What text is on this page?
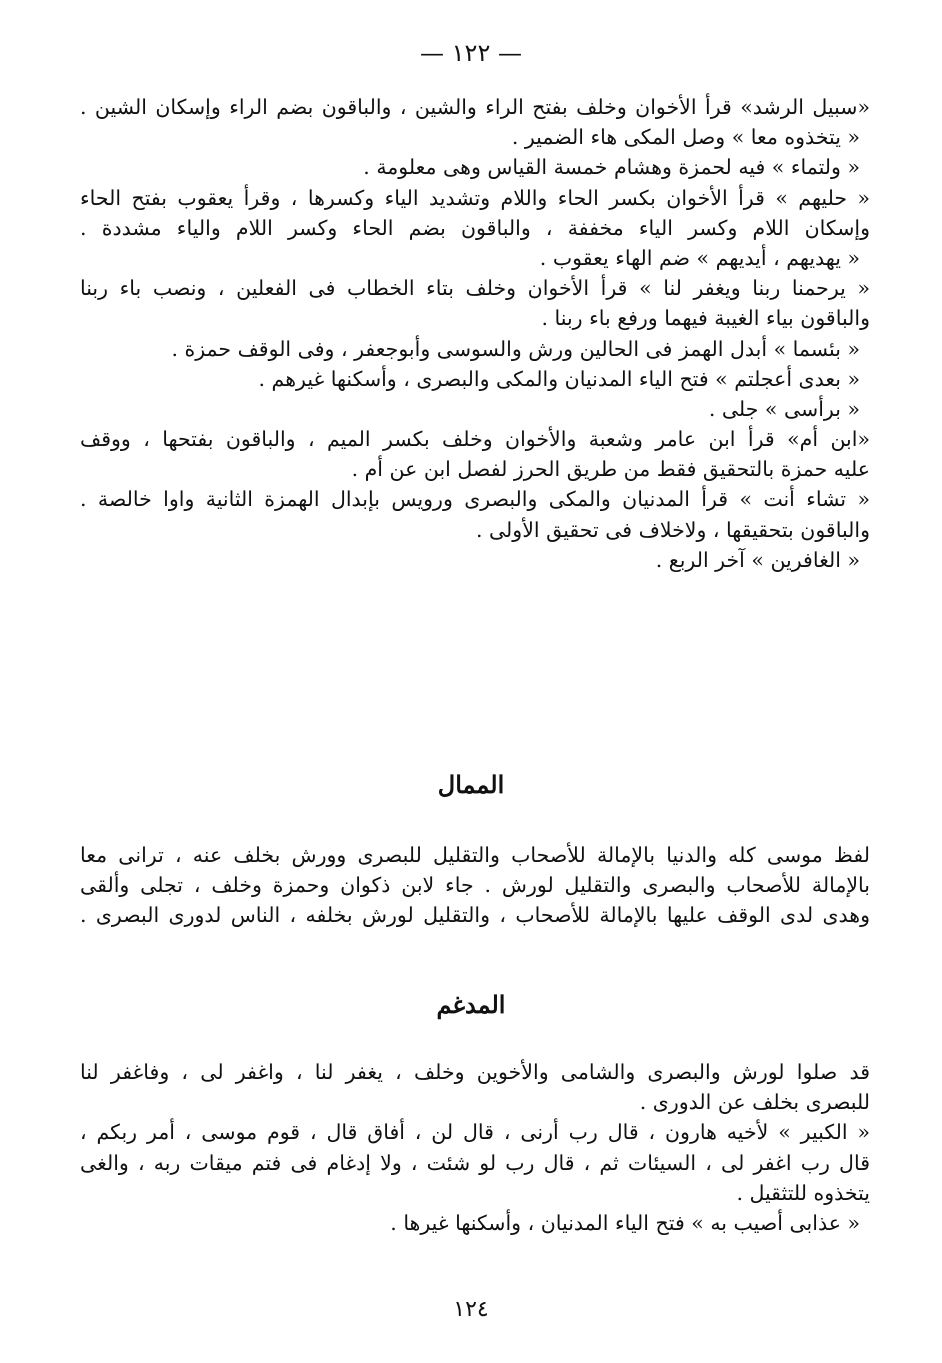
— ١٢٢ —
«سبيل الرشد» قرأ الأخوان وخلف بفتح الراء والشين ، والباقون بضم الراء وإسكان الشين .
« يتخذوه معا » وصل المكى هاء الضمير .
« ولتماء » فيه لحمزة وهشام خمسة القياس وهى معلومة .
« حليهم » قرأ الأخوان بكسر الحاء واللام وتشديد الياء وكسرها ، وقرأ يعقوب بفتح الحاء
وإسكان اللام وكسر الياء مخففة ، والباقون بضم الحاء وكسر اللام والياء مشددة .
« يهديهم ، أيديهم » ضم الهاء يعقوب .
« يرحمنا ربنا ويغفر لنا » قرأ الأخوان وخلف بتاء الخطاب فى الفعلين ، ونصب باء ربنا
والباقون بياء الغيبة فيهما ورفع باء ربنا .
« بئسما » أبدل الهمز فى الحالين ورش والسوسى وأبوجعفر ، وفى الوقف حمزة .
« بعدى أعجلتم » فتح الياء المدنيان والمكى والبصرى ، وأسكنها غيرهم .
« برأسى » جلى .
«ابن أم» قرأ ابن عامر وشعبة والأخوان وخلف بكسر الميم ، والباقون بفتحها ، ووقف
عليه حمزة بالتحقيق فقط من طريق الحرز لفصل ابن عن أم .
« تشاء أنت » قرأ المدنيان والمكى والبصرى ورويس بإبدال الهمزة الثانية واوا خالصة .
والباقون بتحقيقها ، ولاخلاف فى تحقيق الأولى .
« الغافرين » آخر الربع .
الممال
لفظ موسى كله والدنيا بالإمالة للأصحاب والتقليل للبصرى وورش بخلف عنه ، ترانى معا
بالإمالة للأصحاب والبصرى والتقليل لورش . جاء لابن ذكوان وحمزة وخلف ، تجلى وألقى
وهدى لدى الوقف عليها بالإمالة للأصحاب ، والتقليل لورش بخلفه ، الناس لدورى البصرى .
المدغم
قد صلوا لورش والبصرى والشامى والأخوين وخلف ، يغفر لنا ، واغفر لى ، وفاغفر لنا
للبصرى بخلف عن الدورى .
« الكبير » لأخيه هارون ، قال رب أرنى ، قال لن ، أفاق قال ، قوم موسى ، أمر ربكم ،
قال رب اغفر لى ، السيئات ثم ، قال رب لو شئت ، ولا إدغام فى فتم ميقات ربه ، والغى
يتخذوه للتثقيل .
« عذابى أصيب به » فتح الياء المدنيان ، وأسكنها غيرها .
١٢٤
